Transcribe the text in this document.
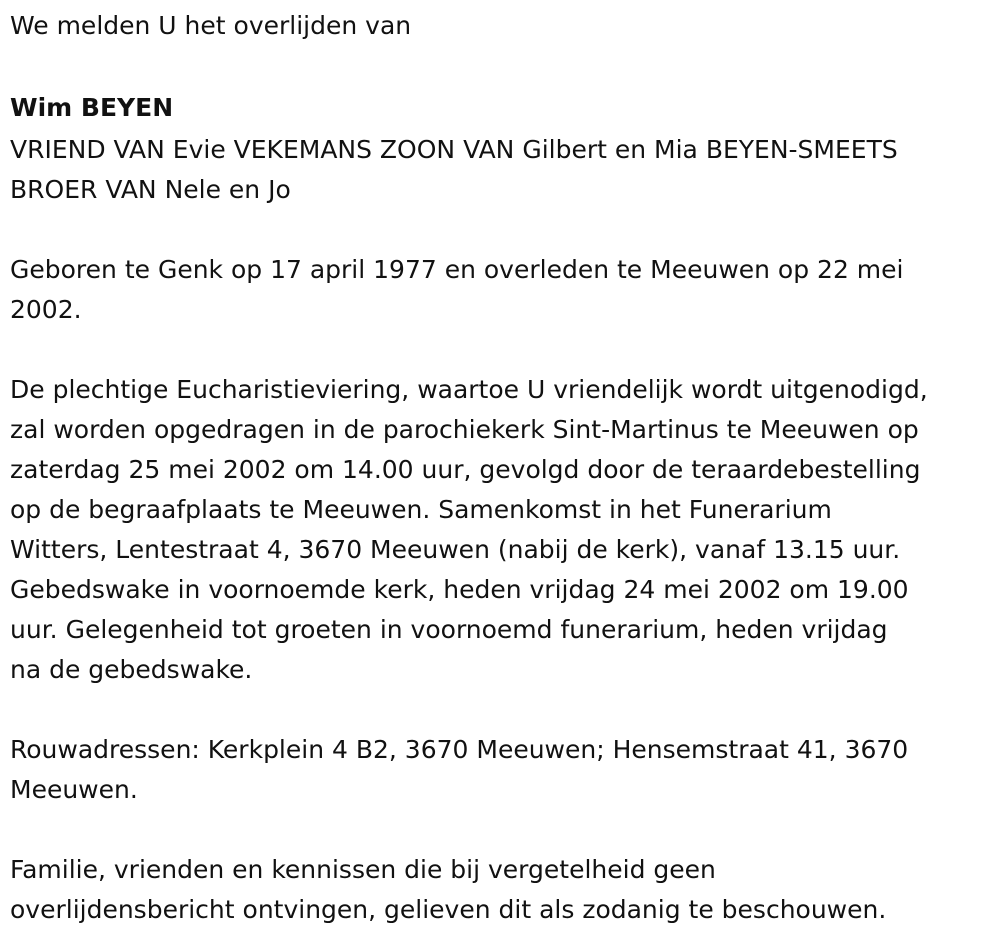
We melden U het overlijden van

Wim BEYEN

VRIEND VAN Evie VEKEMANS ZOON VAN Gilbert en Mia BEYEN-SMEETS
BROER VAN Nele en Jo

Geboren te Genk op 17 april 1977 en overleden te Meeuwen op 22 mei
2002.

De plechtige Eucharistieviering, waartoe U vriendelijk wordt uitgenodigd,
zal worden opgedragen in de parochiekerk Sint-Martinus te Meeuwen op
zaterdag 25 mei 2002 om 14.00 uur, gevolgd door de teraardebestelling
op de begraafplaats te Meeuwen. Samenkomst in het Funerarium
Witters, Lentestraat 4, 3670 Meeuwen (nabij de kerk), vanaf 13.15 uur.
Gebedswake in voornoemde kerk, heden vrijdag 24 mei 2002 om 19.00
uur. Gelegenheid tot groeten in voornoemd funerarium, heden vrijdag
na de gebedswake.

Rouwadressen: Kerkplein 4 B2, 3670 Meeuwen; Hensemstraat 41, 3670
Meeuwen.

Familie, vrienden en kennissen die bij vergetelheid geen
overlijdensbericht ontvingen, gelieven dit als zodanig te beschouwen.
